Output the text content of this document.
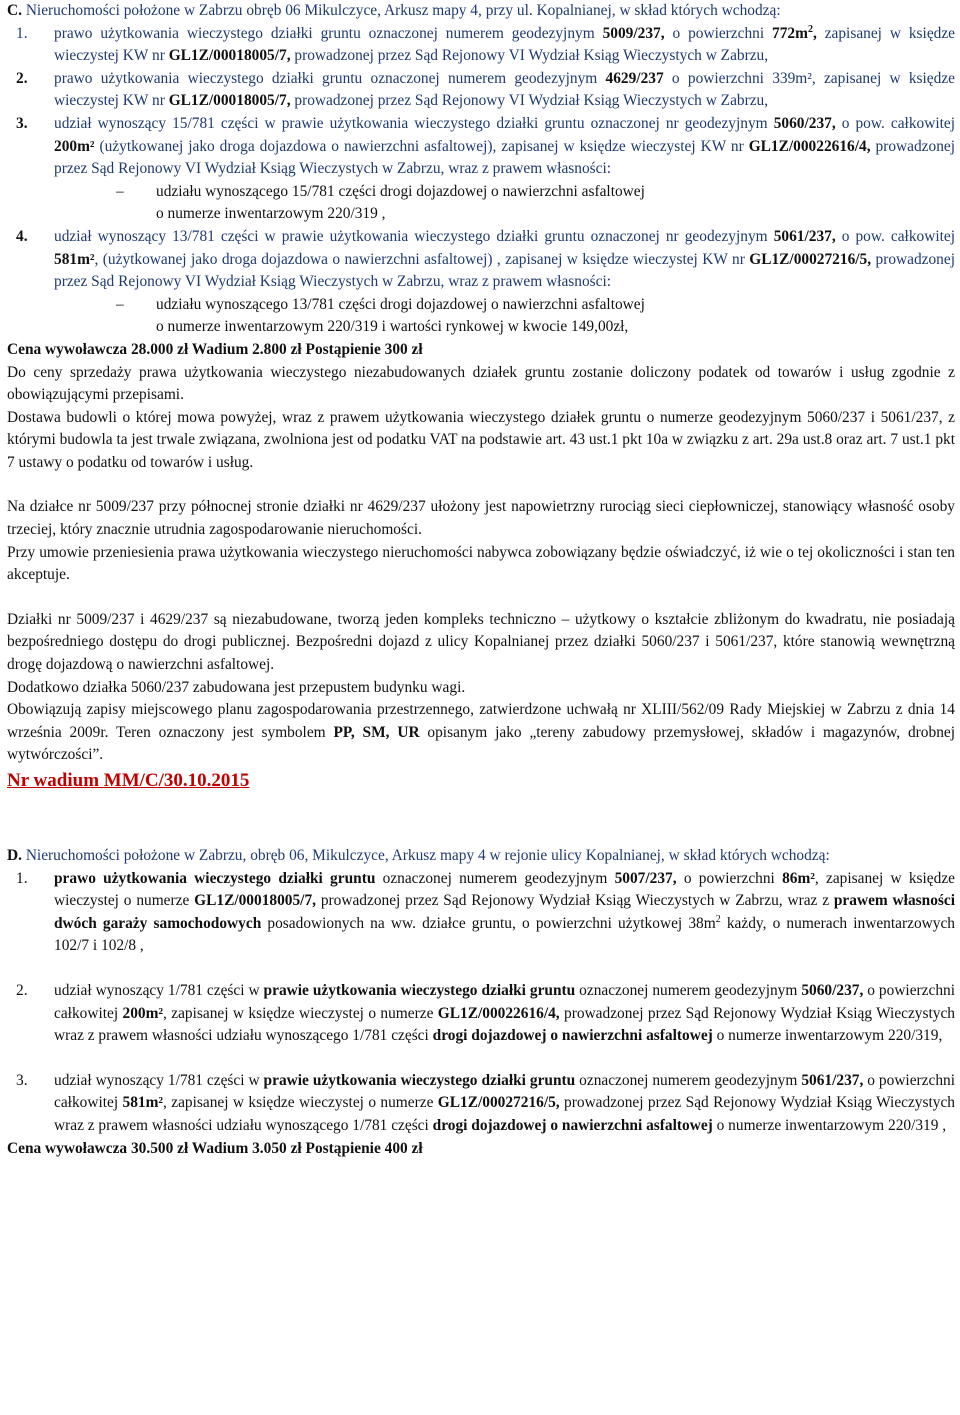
C. Nieruchomości położone w Zabrzu obręb 06 Mikulczyce, Arkusz mapy 4, przy ul. Kopalnianej, w skład których wchodzą:

1.	prawo użytkowania wieczystego działki gruntu oznaczonej numerem geodezyjnym 5009/237, o powierzchni $772m^2$, zapisanej w księdze wieczystej KW nr GL1Z/00018005/7, prowadzonej przez Sąd Rejonowy VI Wydział Ksiąg Wieczystych w Zabrzu,
2.	prawo użytkowania wieczystego działki gruntu oznaczonej numerem geodezyjnym 4629/237 o powierzchni 339m², zapisanej w księdze wieczystej KW nr GL1Z/00018005/7, prowadzonej przez Sąd Rejonowy VI Wydział Ksiąg Wieczystych w Zabrzu,
3.	udział wynoszący 15/781 części w prawie użytkowania wieczystego działki gruntu oznaczonej nr geodezyjnym 5060/237, o pow. całkowitej 200m² (użytkowanej jako droga dojazdowa o nawierzchni asfaltowej), zapisanej w księdze wieczystej KW nr GL1Z/00022616/4, prowadzonej przez Sąd Rejonowy VI Wydział Ksiąg Wieczystych w Zabrzu, wraz z prawem własności:
–	udziału wynoszącego 15/781 części drogi dojazdowej o nawierzchni asfaltowej

o numerze inwentarzowym 220/319 ,

4.	udział wynoszący 13/781 części w prawie użytkowania wieczystego działki gruntu oznaczonej nr geodezyjnym 5061/237, o pow. całkowitej 581m², (użytkowanej jako droga dojazdowa o nawierzchni asfaltowej) , zapisanej w księdze wieczystej KW nr GL1Z/00027216/5, prowadzonej przez Sąd Rejonowy VI Wydział Ksiąg Wieczystych w Zabrzu, wraz z prawem własności:
–	udziału wynoszącego 13/781 części drogi dojazdowej o nawierzchni asfaltowej

o numerze inwentarzowym 220/319 i wartości rynkowej w kwocie 149,00zł,

Cena wywoławcza 28.000 zł Wadium 2.800 zł Postąpienie 300 zł

Do ceny sprzedaży prawa użytkowania wieczystego niezabudowanych działek gruntu zostanie doliczony podatek od towarów i usług zgodnie z obowiązującymi przepisami.

Dostawa budowli o której mowa powyżej, wraz z prawem użytkowania wieczystego działek gruntu o numerze geodezyjnym 5060/237 i 5061/237, z którymi budowla ta jest trwale związana, zwolniona jest od podatku VAT na podstawie art. 43 ust.1 pkt 10a w związku z art. 29a ust.8 oraz art. 7 ust.1 pkt 7 ustawy o podatku od towarów i usług.

Na działce nr 5009/237 przy północnej stronie działki nr 4629/237 ułożony jest napowietrzny rurociąg sieci ciepłowniczej, stanowiący własność osoby trzeciej, który znacznie utrudnia zagospodarowanie nieruchomości.

Przy umowie przeniesienia prawa użytkowania wieczystego nieruchomości nabywca zobowiązany będzie oświadczyć, iż wie o tej okoliczności i stan ten akceptuje.

Działki nr 5009/237 i 4629/237 są niezabudowane, tworzą jeden kompleks techniczno – użytkowy o kształcie zbliżonym do kwadratu, nie posiadają bezpośredniego dostępu do drogi publicznej. Bezpośredni dojazd z ulicy Kopalnianej przez działki 5060/237 i 5061/237, które stanowią wewnętrzną drogę dojazdową o nawierzchni asfaltowej.

Dodatkowo działka 5060/237 zabudowana jest przepustem budynku wagi.

Obowiązują zapisy miejscowego planu zagospodarowania przestrzennego, zatwierdzone uchwałą nr XLIII/562/09 Rady Miejskiej w Zabrzu z dnia 14 września 2009r. Teren oznaczony jest symbolem PP, SM, UR opisanym jako „tereny zabudowy przemysłowej, składów i magazynów, drobnej wytwórczości”.

Nr wadium MM/C/30.10.2015

D. Nieruchomości położone w Zabrzu, obręb 06, Mikulczyce, Arkusz mapy 4 w rejonie ulicy Kopalnianej, w skład których wchodzą:

1.	prawo użytkowania wieczystego działki gruntu oznaczonej numerem geodezyjnym 5007/237, o powierzchni 86m², zapisanej w księdze wieczystej o numerze GL1Z/00018005/7, prowadzonej przez Sąd Rejonowy Wydział Ksiąg Wieczystych w Zabrzu, wraz z prawem własności dwóch garaży samochodowych posadowionych na ww. działce gruntu, o powierzchni użytkowej $38m^2$ każdy, o numerach inwentarzowych 102/7 i 102/8 ,
2.	udział wynoszący 1/781 części w prawie użytkowania wieczystego działki gruntu oznaczonej numerem geodezyjnym 5060/237, o powierzchni całkowitej 200m², zapisanej w księdze wieczystej o numerze GL1Z/00022616/4, prowadzonej przez Sąd Rejonowy Wydział Ksiąg Wieczystych wraz z prawem własności udziału wynoszącego 1/781 części drogi dojazdowej o nawierzchni asfaltowej o numerze inwentarzowym 220/319,
3.	udział wynoszący 1/781 części w prawie użytkowania wieczystego działki gruntu oznaczonej numerem geodezyjnym 5061/237, o powierzchni całkowitej 581m², zapisanej w księdze wieczystej o numerze GL1Z/00027216/5, prowadzonej przez Sąd Rejonowy Wydział Ksiąg Wieczystych wraz z prawem własności udziału wynoszącego 1/781 części drogi dojazdowej o nawierzchni asfaltowej o numerze inwentarzowym 220/319 ,

Cena wywoławcza 30.500 zł Wadium 3.050 zł Postąpienie 400 zł
